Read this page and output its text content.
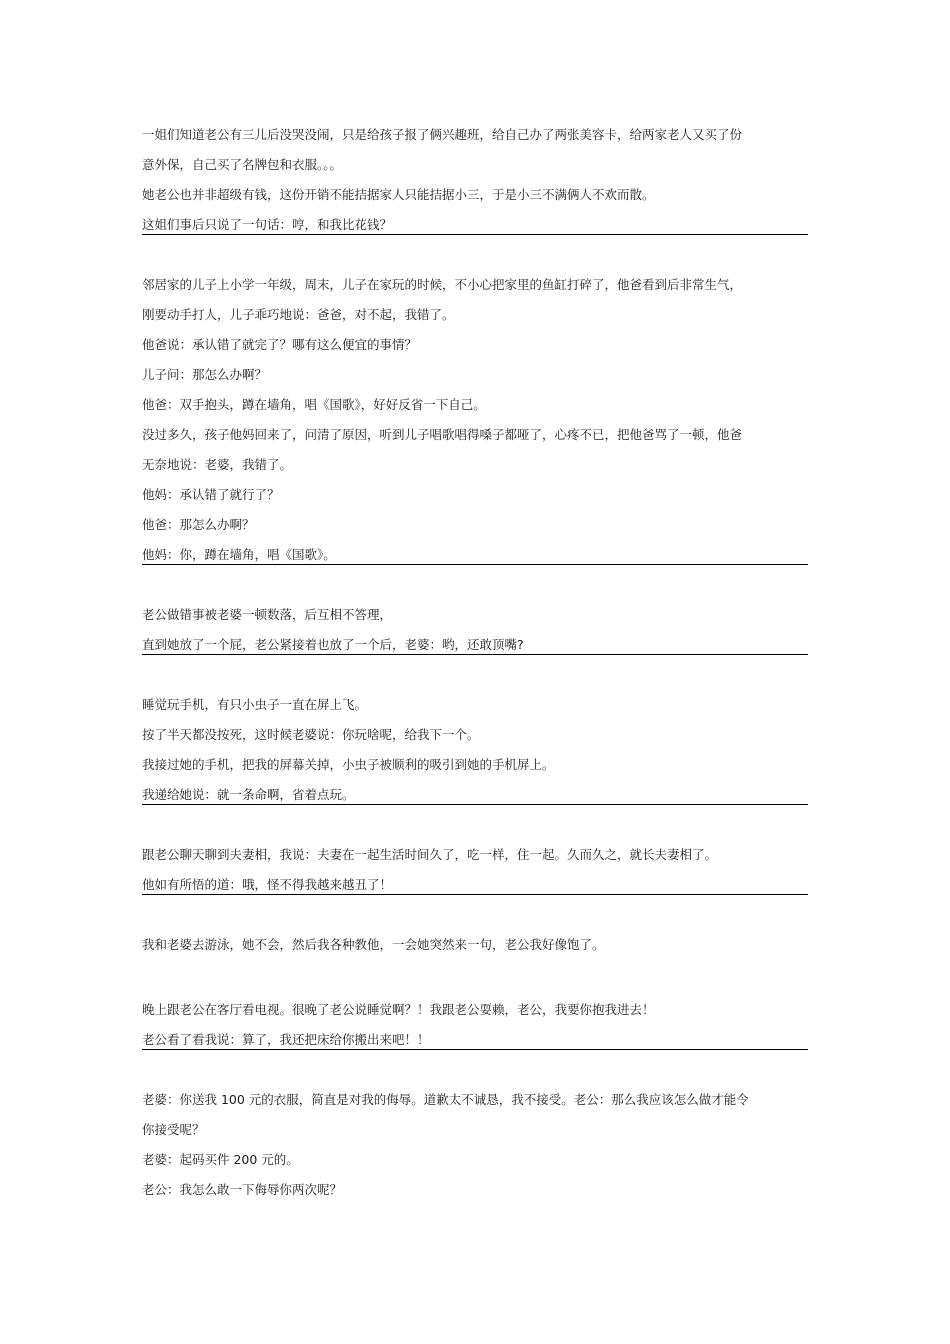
一姐们知道老公有三儿后没哭没闹，只是给孩子报了俩兴趣班，给自己办了两张美容卡，给两家老人又买了份
意外保，自己买了名牌包和衣服。。。
她老公也并非超级有钱，这份开销不能拮据家人只能拮据小三，于是小三不满俩人不欢而散。
这姐们事后只说了一句话：哼，和我比花钱？
邻居家的儿子上小学一年级，周末，儿子在家玩的时候，不小心把家里的鱼缸打碎了，他爸看到后非常生气，
刚要动手打人，儿子乖巧地说：爸爸，对不起，我错了。
他爸说：承认错了就完了？哪有这么便宜的事情？
儿子问：那怎么办啊？
他爸：双手抱头，蹲在墙角，唱《国歌》，好好反省一下自己。
没过多久，孩子他妈回来了，问清了原因，听到儿子唱歌唱得嗓子都哑了，心疼不已，把他爸骂了一顿，他爸
无奈地说：老婆，我错了。
他妈：承认错了就行了？
他爸：那怎么办啊？
他妈：你，蹲在墙角，唱《国歌》。
老公做错事被老婆一顿数落，后互相不答理，
直到她放了一个屁，老公紧接着也放了一个后，老婆：哟，还敢顶嘴?
睡觉玩手机，有只小虫子一直在屏上飞。
按了半天都没按死，这时候老婆说：你玩啥呢，给我下一个。
我接过她的手机，把我的屏幕关掉，小虫子被顺利的吸引到她的手机屏上。
我递给她说：就一条命啊，省着点玩。
跟老公聊天聊到夫妻相，我说：夫妻在一起生活时间久了，吃一样，住一起。久而久之，就长夫妻相了。
他如有所悟的道：哦，怪不得我越来越丑了！
我和老婆去游泳，她不会，然后我各种教他，一会她突然来一句，老公我好像饱了。
晚上跟老公在客厅看电视。很晚了老公说睡觉啊？！我跟老公耍赖，老公，我要你抱我进去！
老公看了看我说：算了，我还把床给你搬出来吧！！
老婆：你送我 100 元的衣服，简直是对我的侮辱。道歉太不诚恳，我不接受。老公：那么我应该怎么做才能令
你接受呢？
老婆：起码买件 200 元的。
老公：我怎么敢一下侮辱你两次呢？
